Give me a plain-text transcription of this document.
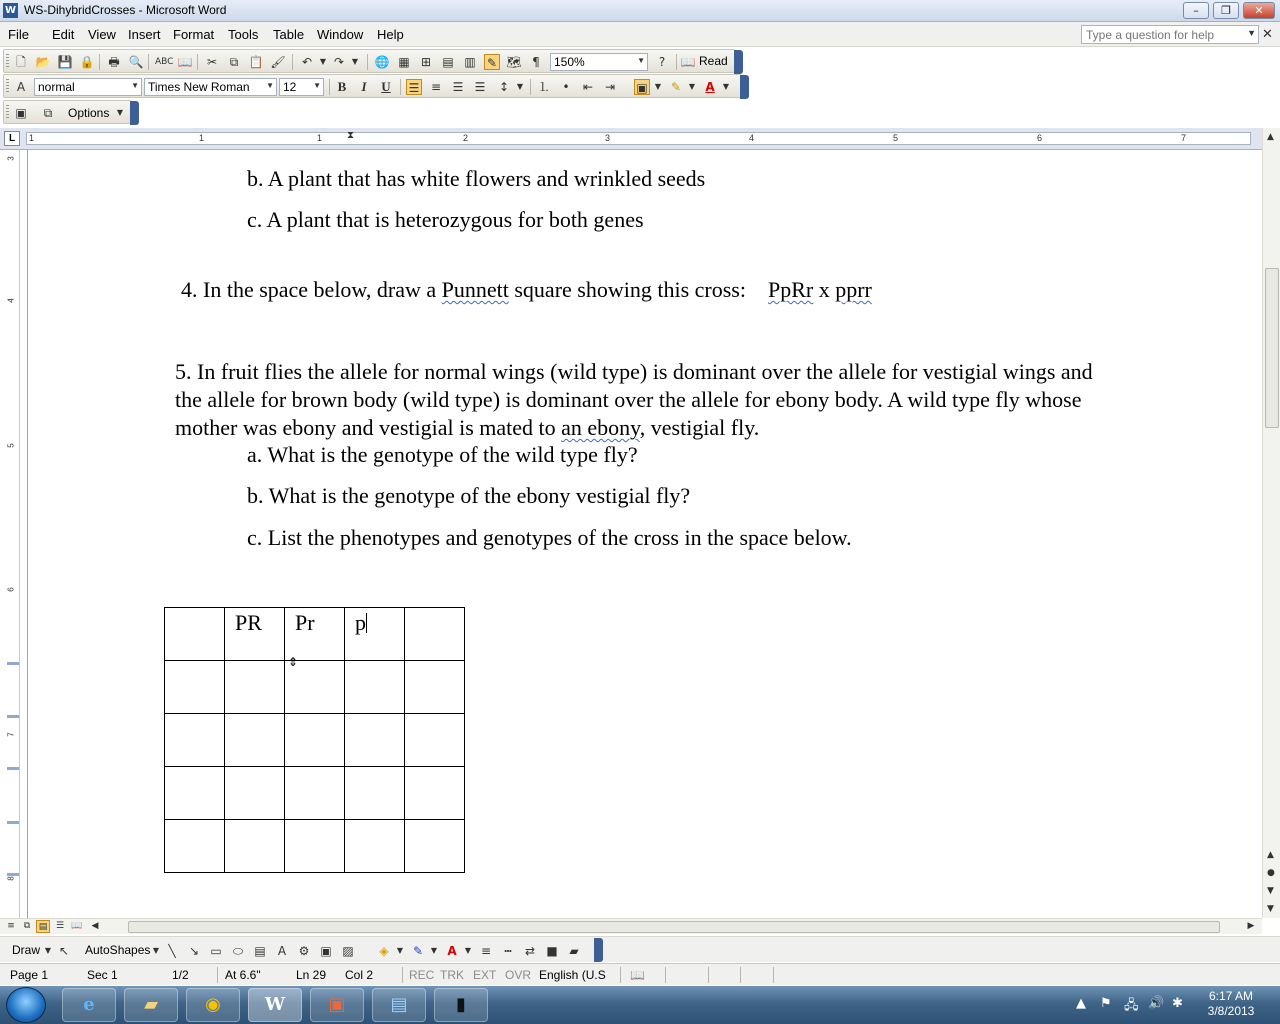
W WS-DihybridCrosses - Microsoft Word	–	❐	✕
File Edit View Insert Format Tools Table Window Help	Type a question for help	▼ ✕
🗋 📂 💾 🔒 🖶 🔍 ABC 📖 ✂	⧉ 📋 🖌 ↶ ▼ ↷ ▼	🌐 ▦ ⊞ ▤ ▥ ✎ 🗺 ¶	150%	▼	?	📖 Read
A	normal	▼ Times New Roman ▼ 12 ▼ B	I	U ☰ ≡ ☰ ☰ ↕ ▼	⒈	•	⇤ ⇥ ▣ ▼ ✎ ▼ A	▼
▣	⧉	Options ▼
L	1	1	1	2	3	4	5	6	7
⧗
3
4
5
6
7
8
b. A plant that has white flowers and wrinkled seeds
c. A plant that is heterozygous for both genes
4. In the space below, draw a Punnett square showing this cross:    PpRr x pprr
5. In fruit flies the allele for normal wings (wild type) is dominant over the allele for vestigial wings and
the allele for brown body (wild type) is dominant over the allele for ebony body. A wild type fly whose
mother was ebony and vestigial is mated to an ebony, vestigial fly.
a. What is the genotype of the wild type fly?
b. What is the genotype of the ebony vestigial fly?
c. List the phenotypes and genotypes of the cross in the space below.
	PR	Pr	p	

⇕
▲
▲
●
▼
▼
≡	⧉ ▤ ☰ 📖 ◀	▶
Draw ▼ ↖ AutoShapes ▼ ╲	↘ ▭ ⬭ ▤	A	⚙ ▣ ▨ ◈	▼ ✎ ▼ A	▼ ≡	┅	⇄ ■ ▰
Page 1	Sec 1	1/2	At 6.6"	Ln 29 Col 2	REC TRK EXT OVR English (U.S 📖
e	▰	◉	W	▣	▤	▮	▲ ⚑ 🖧 🔊 ✱	6:17 AM
3/8/2013
